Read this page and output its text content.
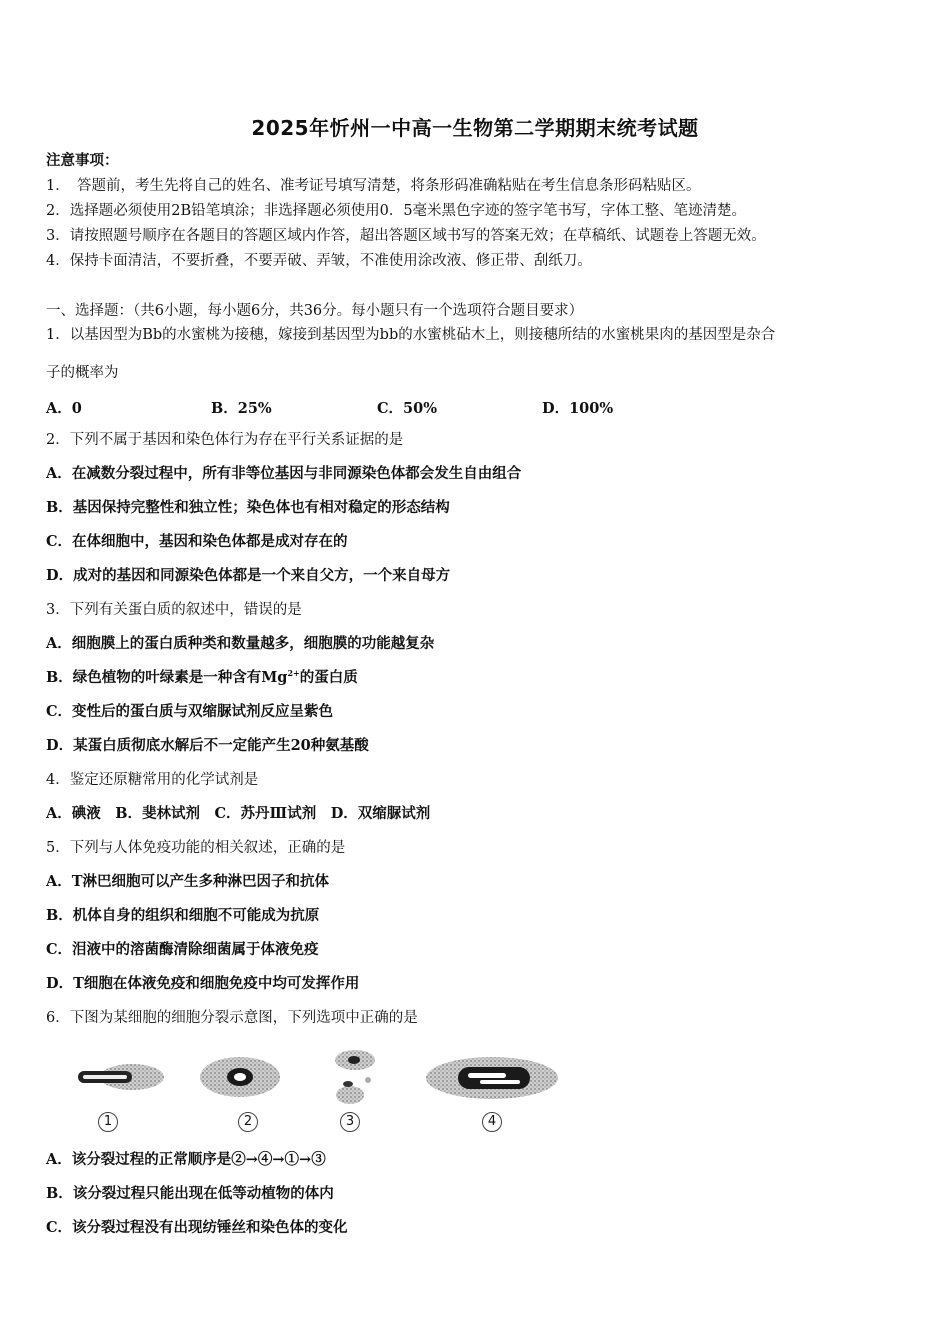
2025年忻州一中高一生物第二学期期末统考试题
注意事项：
1．　答题前，考生先将自己的姓名、准考证号填写清楚，将条形码准确粘贴在考生信息条形码粘贴区。
2．选择题必须使用2B铅笔填涂；非选择题必须使用0．5毫米黑色字迹的签字笔书写，字体工整、笔迹清楚。
3．请按照题号顺序在各题目的答题区域内作答，超出答题区域书写的答案无效；在草稿纸、试题卷上答题无效。
4．保持卡面清洁，不要折叠，不要弄破、弄皱，不准使用涂改液、修正带、刮纸刀。
一、选择题：（共6小题，每小题6分，共36分。每小题只有一个选项符合题目要求）
1．以基因型为Bb的水蜜桃为接穗，嫁接到基因型为bb的水蜜桃砧木上，则接穗所结的水蜜桃果肉的基因型是杂合
子的概率为
A．0	B．25%	C．50%	D．100%
2．下列不属于基因和染色体行为存在平行关系证据的是
A．在减数分裂过程中，所有非等位基因与非同源染色体都会发生自由组合
B．基因保持完整性和独立性；染色体也有相对稳定的形态结构
C．在体细胞中，基因和染色体都是成对存在的
D．成对的基因和同源染色体都是一个来自父方，一个来自母方
3．下列有关蛋白质的叙述中，错误的是
A．细胞膜上的蛋白质种类和数量越多，细胞膜的功能越复杂
B．绿色植物的叶绿素是一种含有$Mg^{2+}$的蛋白质
C．变性后的蛋白质与双缩脲试剂反应呈紫色
D．某蛋白质彻底水解后不一定能产生20种氨基酸
4．鉴定还原糖常用的化学试剂是
A．碘液　B．斐林试剂　C．苏丹Ⅲ试剂　D．双缩脲试剂
5．下列与人体免疫功能的相关叙述，正确的是
A．T淋巴细胞可以产生多种淋巴因子和抗体
B．机体自身的组织和细胞不可能成为抗原
C．泪液中的溶菌酶清除细菌属于体液免疫
D．T细胞在体液免疫和细胞免疫中均可发挥作用
6．下图为某细胞的细胞分裂示意图，下列选项中正确的是
1	2	3	4
A．该分裂过程的正常顺序是②→④→①→③
B．该分裂过程只能出现在低等动植物的体内
C．该分裂过程没有出现纺锤丝和染色体的变化
